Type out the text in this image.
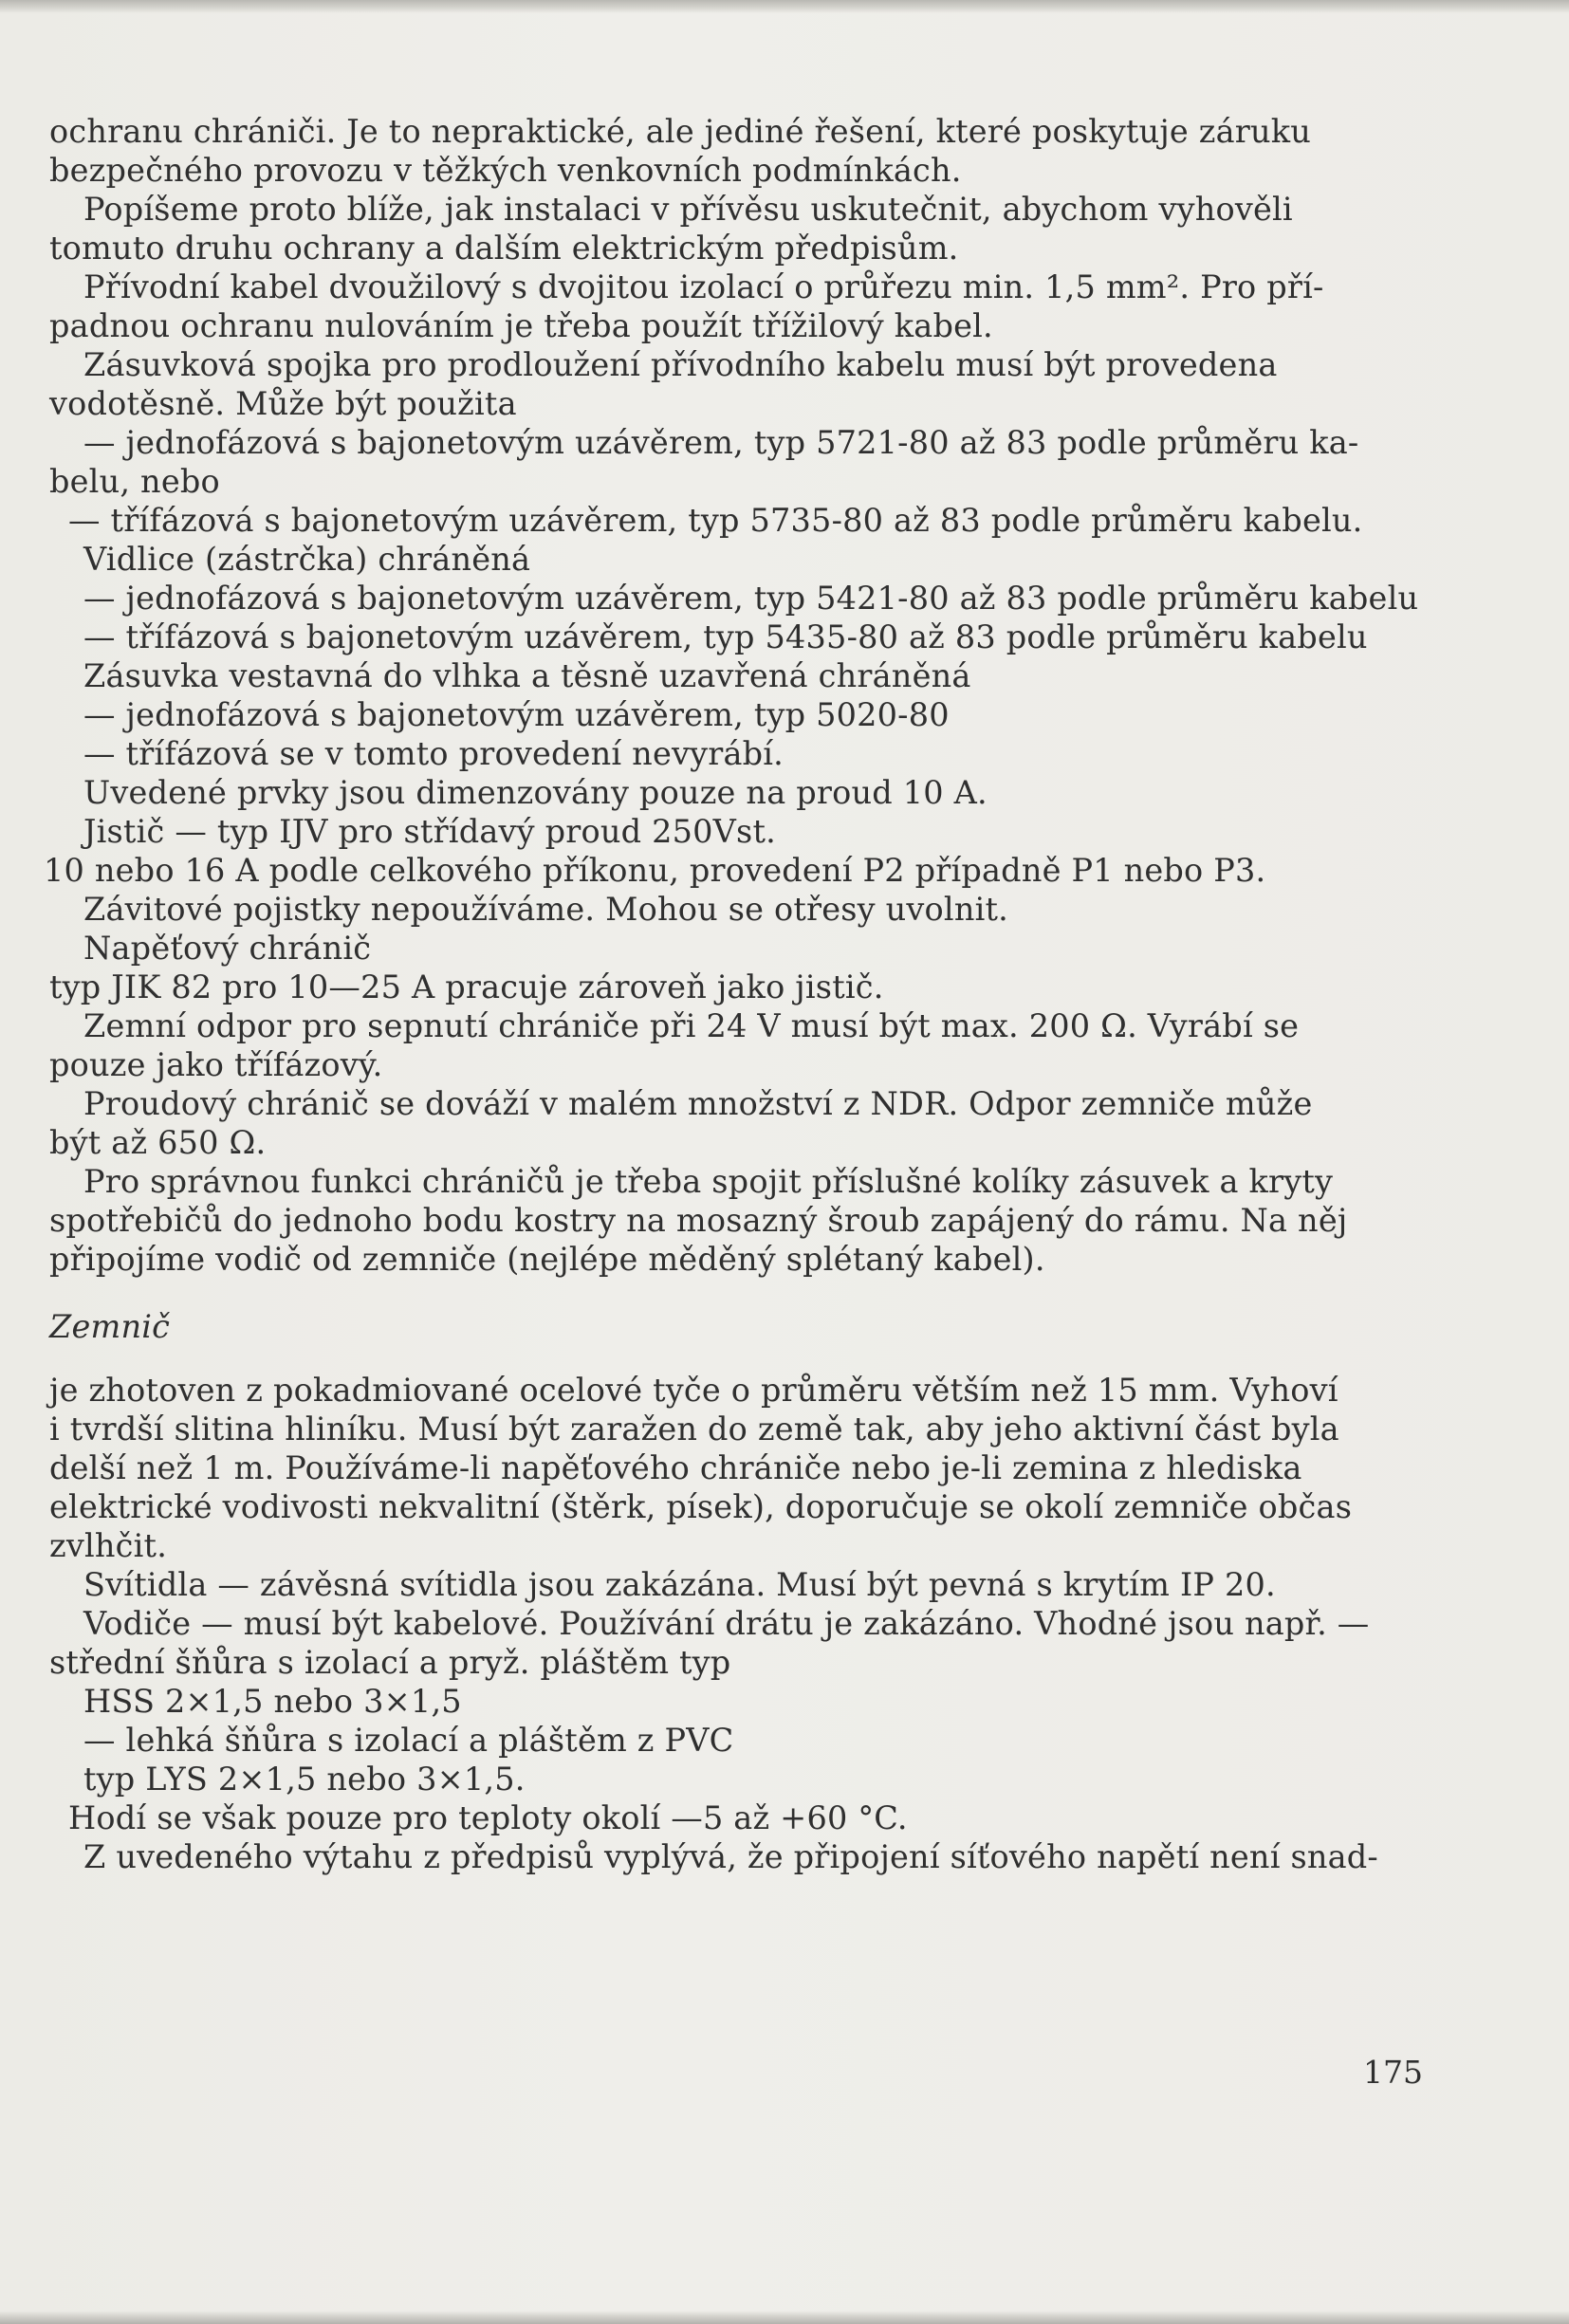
ochranu chrániči. Je to nepraktické, ale jediné řešení, které poskytuje záruku
bezpečného provozu v těžkých venkovních podmínkách.
Popíšeme proto blíže, jak instalaci v přívěsu uskutečnit, abychom vyhověli
tomuto druhu ochrany a dalším elektrickým předpisům.
Přívodní kabel dvoužilový s dvojitou izolací o průřezu min. 1,5 mm². Pro pří-
padnou ochranu nulováním je třeba použít třížilový kabel.
Zásuvková spojka pro prodloužení přívodního kabelu musí být provedena
vodotěsně. Může být použita
— jednofázová s bajonetovým uzávěrem, typ 5721-80 až 83 podle průměru ka-
belu, nebo
— třífázová s bajonetovým uzávěrem, typ 5735-80 až 83 podle průměru kabelu.
Vidlice (zástrčka) chráněná
— jednofázová s bajonetovým uzávěrem, typ 5421-80 až 83 podle průměru kabelu
— třífázová s bajonetovým uzávěrem, typ 5435-80 až 83 podle průměru kabelu
Zásuvka vestavná do vlhka a těsně uzavřená chráněná
— jednofázová s bajonetovým uzávěrem, typ 5020-80
— třífázová se v tomto provedení nevyrábí.
Uvedené prvky jsou dimenzovány pouze na proud 10 A.
Jistič — typ IJV pro střídavý proud 250Vst.
10 nebo 16 A podle celkového příkonu, provedení P2 případně P1 nebo P3.
Závitové pojistky nepoužíváme. Mohou se otřesy uvolnit.
Napěťový chránič
typ JIK 82 pro 10—25 A pracuje zároveň jako jistič.
Zemní odpor pro sepnutí chrániče při 24 V musí být max. 200 Ω. Vyrábí se
pouze jako třífázový.
Proudový chránič se dováží v malém množství z NDR. Odpor zemniče může
být až 650 Ω.
Pro správnou funkci chráničů je třeba spojit příslušné kolíky zásuvek a kryty
spotřebičů do jednoho bodu kostry na mosazný šroub zapájený do rámu. Na něj
připojíme vodič od zemniče (nejlépe měděný splétaný kabel).
Zemnič
je zhotoven z pokadmiované ocelové tyče o průměru větším než 15 mm. Vyhoví
i tvrdší slitina hliníku. Musí být zaražen do země tak, aby jeho aktivní část byla
delší než 1 m. Používáme-li napěťového chrániče nebo je-li zemina z hlediska
elektrické vodivosti nekvalitní (štěrk, písek), doporučuje se okolí zemniče občas
zvlhčit.
Svítidla — závěsná svítidla jsou zakázána. Musí být pevná s krytím IP 20.
Vodiče — musí být kabelové. Používání drátu je zakázáno. Vhodné jsou např. —
střední šňůra s izolací a pryž. pláštěm typ
HSS 2×1,5 nebo 3×1,5
— lehká šňůra s izolací a pláštěm z PVC
typ LYS 2×1,5 nebo 3×1,5.
Hodí se však pouze pro teploty okolí —5 až +60 °C.
Z uvedeného výtahu z předpisů vyplývá, že připojení síťového napětí není snad-
175
